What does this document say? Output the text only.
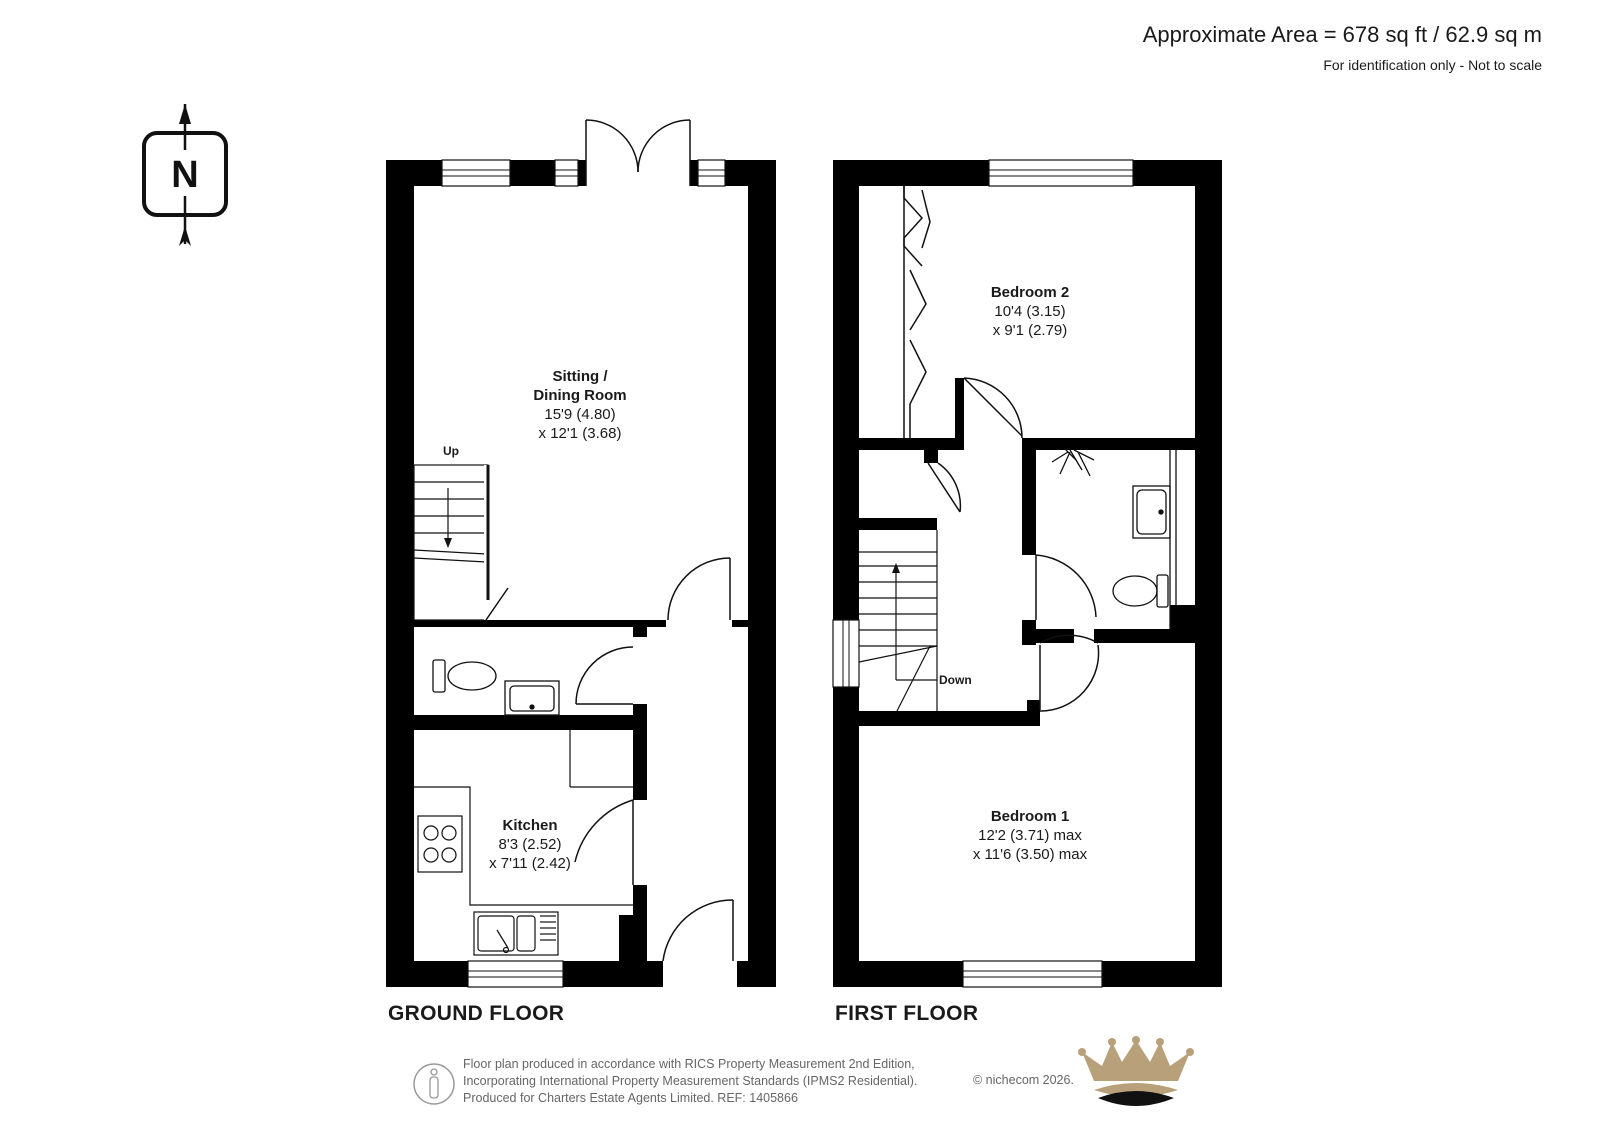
Approximate Area = 678 sq ft / 62.9 sq m
For identification only - Not to scale
N
Sitting /
Dining Room
15'9 (4.80)
x 12'1 (3.68)
Kitchen
8'3 (2.52)
x 7'11 (2.42)
Bedroom 2
10'4 (3.15)
x 9'1 (2.79)
Bedroom 1
12'2 (3.71) max
x 11'6 (3.50) max
Up
Down
GROUND FLOOR	FIRST FLOOR
Floor plan produced in accordance with RICS Property Measurement 2nd Edition,
Incorporating International Property Measurement Standards (IPMS2 Residential).
Produced for Charters Estate Agents Limited. REF: 1405866
© nichecom 2026.
